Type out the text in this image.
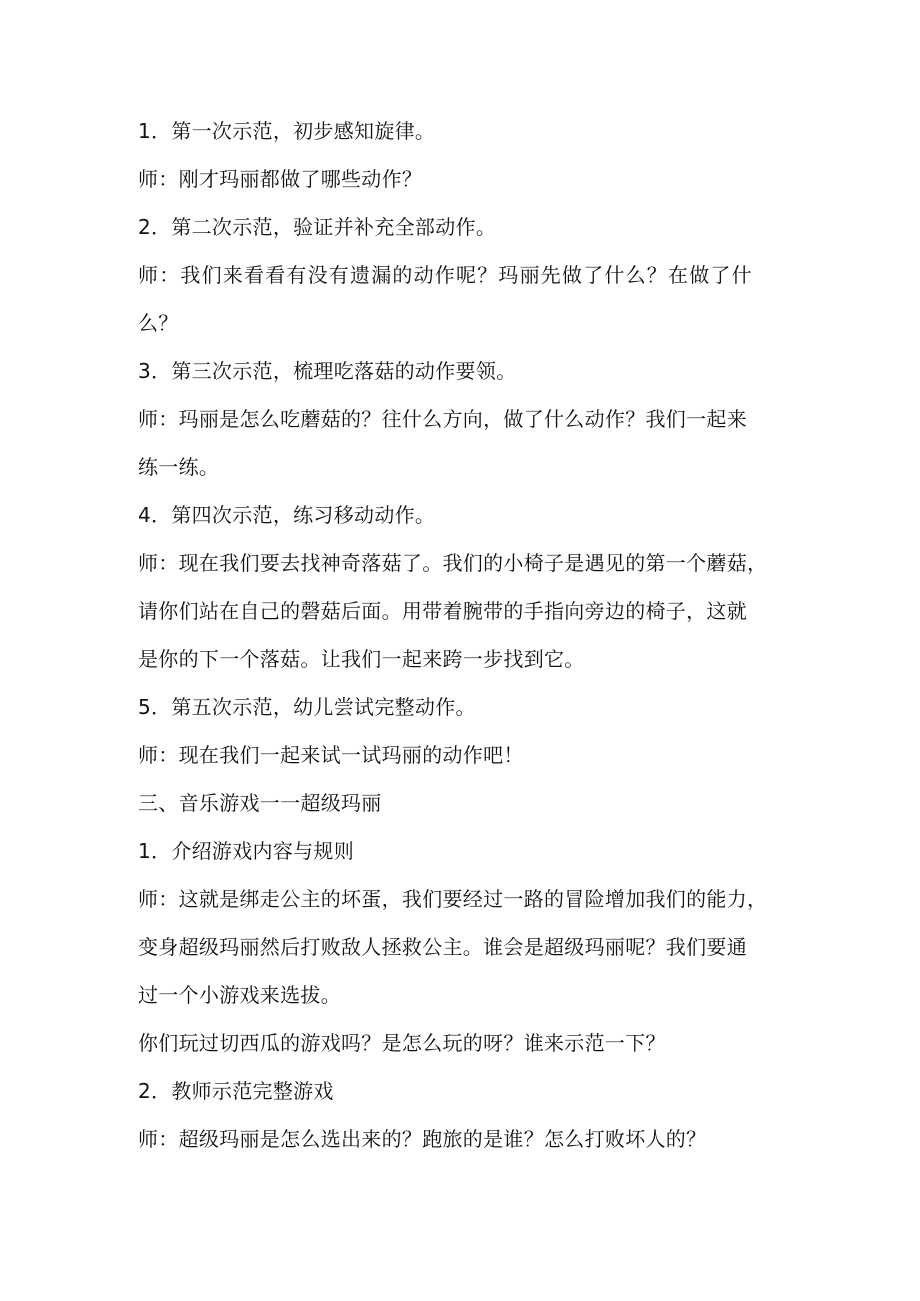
1．第一次示范，初步感知旋律。
师：刚才玛丽都做了哪些动作？
2．第二次示范，验证并补充全部动作。
师：我们来看看有没有遗漏的动作呢？玛丽先做了什么？在做了什
么？
3．第三次示范，梳理吃落菇的动作要领。
师：玛丽是怎么吃蘑菇的？往什么方向，做了什么动作？我们一起来
练一练。
4．第四次示范，练习移动动作。
师：现在我们要去找神奇落菇了。我们的小椅子是遇见的第一个蘑菇，
请你们站在自己的磬菇后面。用带着腕带的手指向旁边的椅子，这就
是你的下一个落菇。让我们一起来跨一步找到它。
5．第五次示范，幼儿尝试完整动作。
师：现在我们一起来试一试玛丽的动作吧！
三、音乐游戏一一超级玛丽
1．介绍游戏内容与规则
师：这就是绑走公主的坏蛋，我们要经过一路的冒险增加我们的能力，
变身超级玛丽然后打败敌人拯救公主。谁会是超级玛丽呢？我们要通
过一个小游戏来选拔。
你们玩过切西瓜的游戏吗？是怎么玩的呀？谁来示范一下？
2．教师示范完整游戏
师：超级玛丽是怎么选出来的？跑旅的是谁？怎么打败坏人的？
